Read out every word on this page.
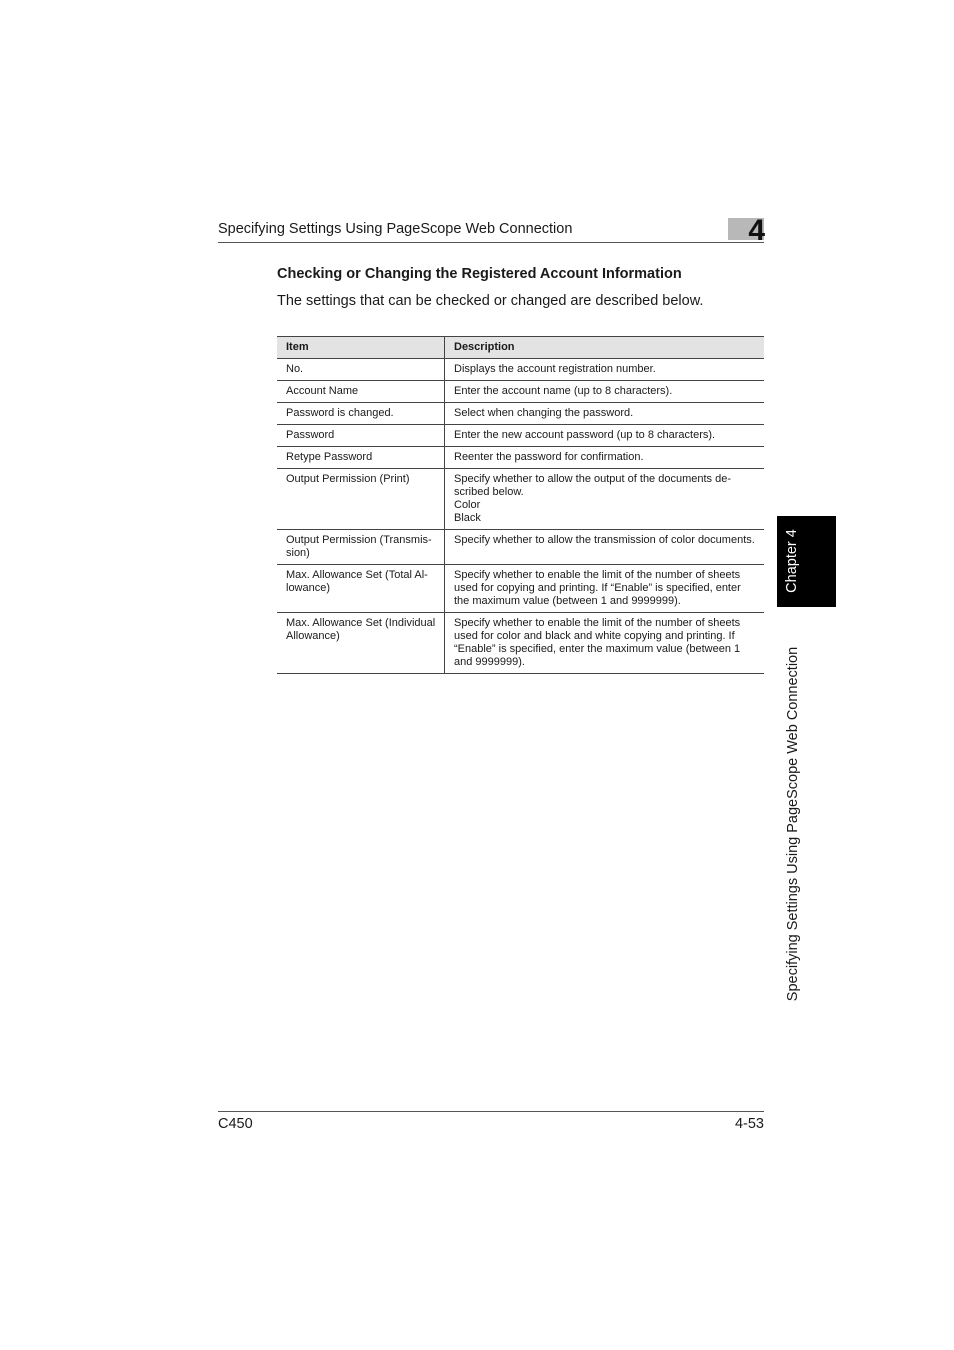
Specifying Settings Using PageScope Web Connection	4
Checking or Changing the Registered Account Information
The settings that can be checked or changed are described below.
Item	Description
No.	Displays the account registration number.

Account Name	Enter the account name (up to 8 characters).

Password is changed.	Select when changing the password.

Password	Enter the new account password (up to 8 characters).

Retype Password	Reenter the password for confirmation.

Output Permission (Print)	Specify whether to allow the output of the documents de-scribed below.
Color
Black

Output Permission (Transmis-sion)	Specify whether to allow the transmission of color documents.

Max. Allowance Set (Total Al-lowance)	Specify whether to enable the limit of the number of sheets used for copying and printing. If “Enable” is specified, enter the maximum value (between 1 and 9999999).

Max. Allowance Set (Individual Allowance)	Specify whether to enable the limit of the number of sheets used for color and black and white copying and printing. If “Enable” is specified, enter the maximum value (between 1 and 9999999).
Chapter 4
Specifying Settings Using PageScope Web Connection
C450	4-53
